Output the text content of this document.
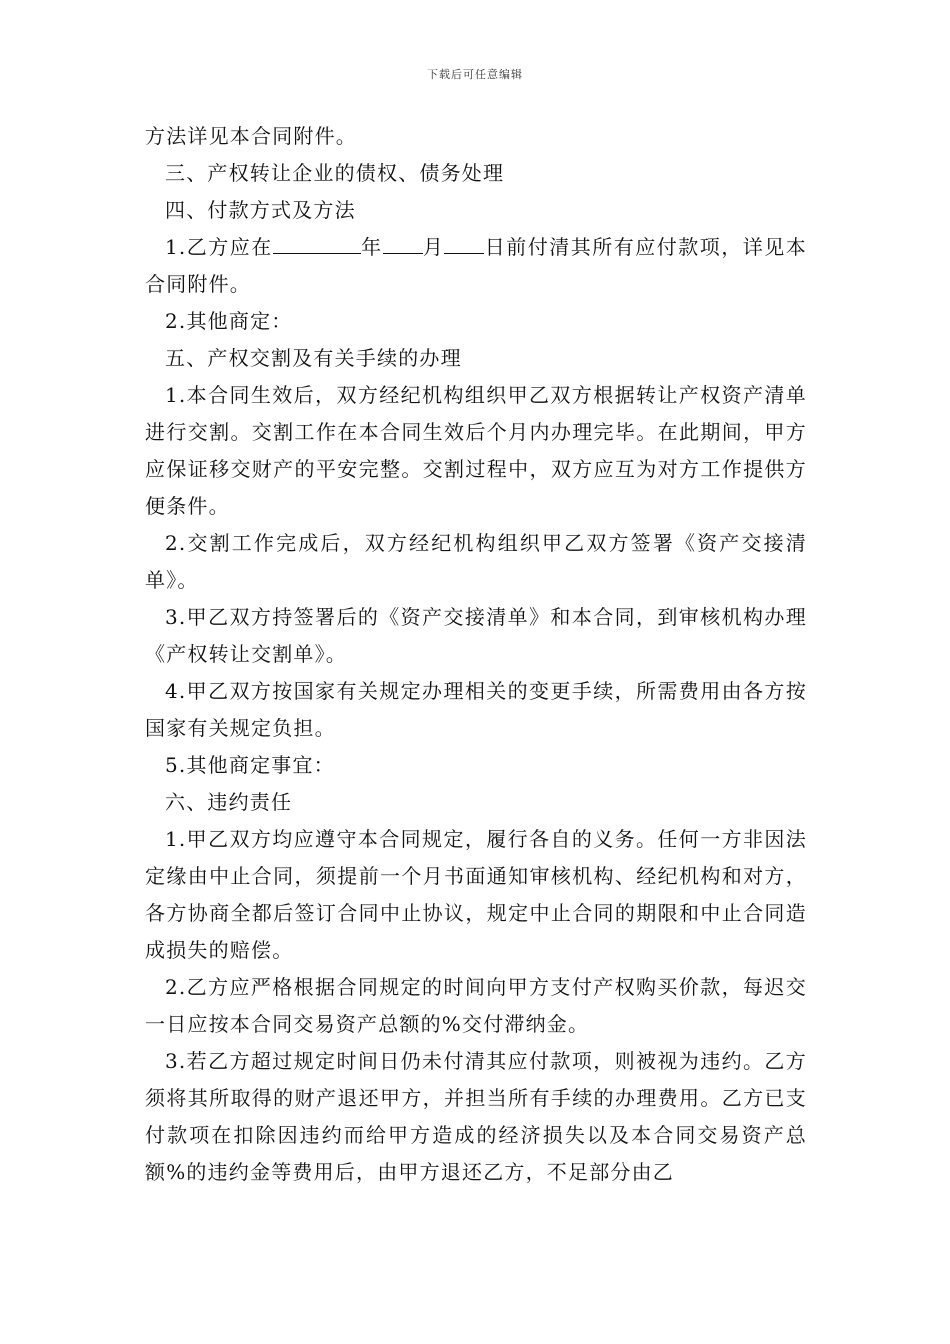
下载后可任意编辑

方法详见本合同附件。

三、产权转让企业的债权、债务处理

四、付款方式及方法

1.乙方应在	年 月 日前付清其所有应付款项，详见本合同附件。

2.其他商定：

五、产权交割及有关手续的办理

1.本合同生效后，双方经纪机构组织甲乙双方根据转让产权资产清单进行交割。交割工作在本合同生效后个月内办理完毕。在此期间，甲方应保证移交财产的平安完整。交割过程中，双方应互为对方工作提供方便条件。

2.交割工作完成后，双方经纪机构组织甲乙双方签署《资产交接清单》。

3.甲乙双方持签署后的《资产交接清单》和本合同，到审核机构办理《产权转让交割单》。

4.甲乙双方按国家有关规定办理相关的变更手续，所需费用由各方按国家有关规定负担。

5.其他商定事宜：

六、违约责任

1.甲乙双方均应遵守本合同规定，履行各自的义务。任何一方非因法定缘由中止合同，须提前一个月书面通知审核机构、经纪机构和对方，各方协商全都后签订合同中止协议，规定中止合同的期限和中止合同造成损失的赔偿。

2.乙方应严格根据合同规定的时间向甲方支付产权购买价款，每迟交一日应按本合同交易资产总额的%交付滞纳金。

3.若乙方超过规定时间日仍未付清其应付款项，则被视为违约。乙方须将其所取得的财产退还甲方，并担当所有手续的办理费用。乙方已支付款项在扣除因违约而给甲方造成的经济损失以及本合同交易资产总额%的违约金等费用后，由甲方退还乙方，不足部分由乙
